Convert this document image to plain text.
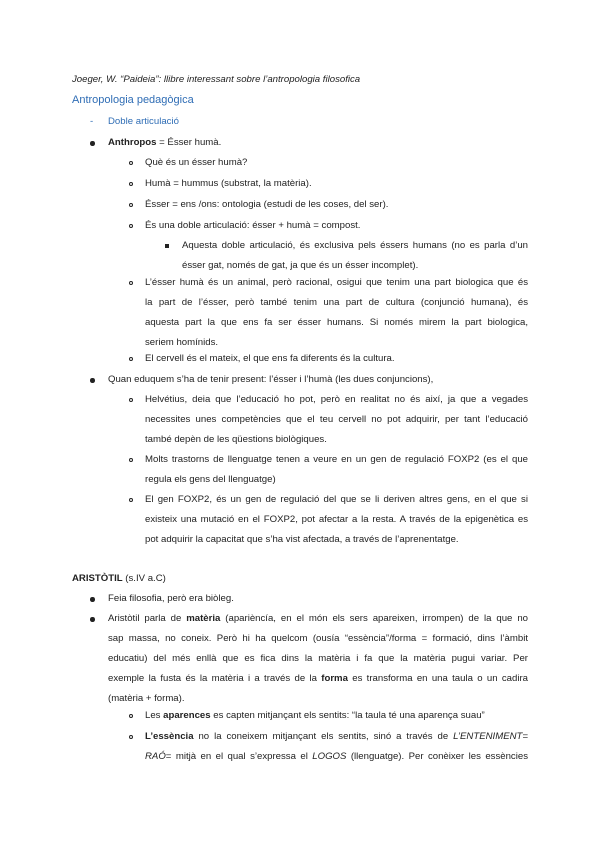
Joeger, W. “Paideia”: llibre interessant sobre l’antropologia filosofica
Antropologia pedagògica
- Doble articulació
Anthropos = Ésser humà.
Què és un ésser humà?
Humà = hummus (substrat, la matèria).
Ésser = ens /ons: ontologia (estudi de les coses, del ser).
És una doble articulació: ésser + humà = compost.
Aquesta doble articulació, és exclusiva pels éssers humans (no es parla d’un
ésser gat, només de gat, ja que és un ésser incomplet).
L’ésser humà és un animal, però racional, osigui que tenim una part biologica que és
la part de l’ésser, però també tenim una part de cultura (conjunció humana), és
aquesta part la que ens fa ser ésser humans. Si només mirem la part biologica,
seriem homínids.
El cervell és el mateix, el que ens fa diferents és la cultura.
Quan eduquem s’ha de tenir present: l’ésser i l’humà (les dues conjuncions),
Helvétius, deia que l’educació ho pot, però en realitat no és així, ja que a vegades
necessites unes competències que el teu cervell no pot adquirir, per tant l’educació
també depèn de les qüestions biològiques.
Molts trastorns de llenguatge tenen a veure en un gen de regulació FOXP2 (es el que
regula els gens del llenguatge)
El gen FOXP2, és un gen de regulació del que se li deriven altres gens, en el que si
existeix una mutació en el FOXP2, pot afectar a la resta. A través de la epigenètica es
pot adquirir la capacitat que s’ha vist afectada, a través de l’aprenentatge.
ARISTÒTIL (s.IV a.C)
Feia filosofia, però era biòleg.
Aristòtil parla de matèria (aparièncía, en el món els sers apareixen, irrompen) de la que no
sap massa, no coneix. Però hi ha quelcom (ousía “essència”/forma = formació, dins l’àmbit
educatiu) del més enllà que es fica dins la matèria i fa que la matèria pugui variar. Per
exemple la fusta és la matèria i a través de la forma es transforma en una taula o un cadira
(matèria + forma).
Les aparences es capten mitjançant els sentits: “la taula té una aparença suau”
L’essència no la coneixem mitjançant els sentits, sinó a través de L’ENTENIMENT=
RAÓ= mitjà en el qual s’expressa el LOGOS (llenguatge). Per conèixer les essències
